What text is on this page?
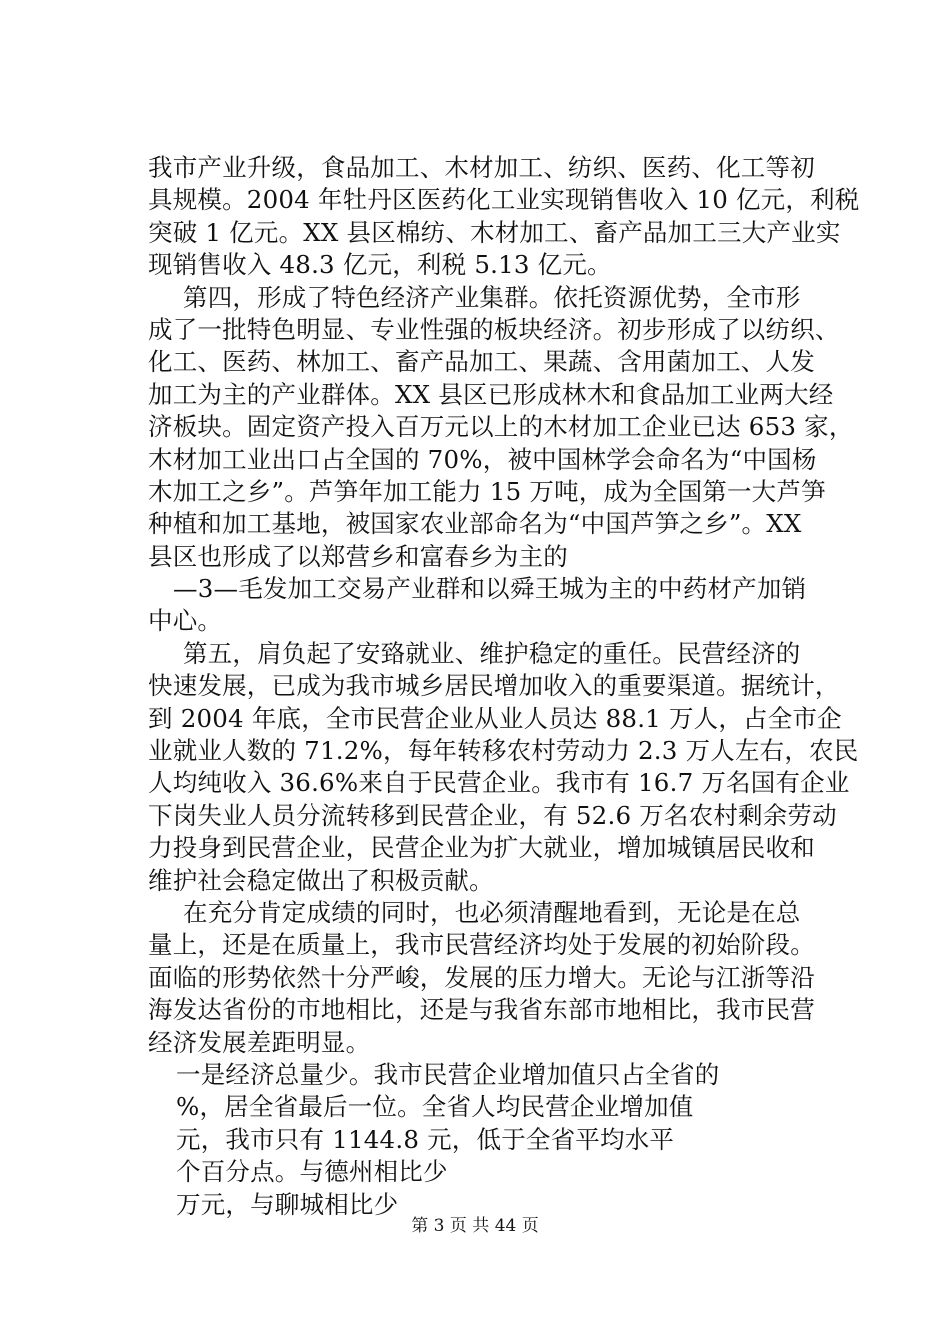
我市产业升级，食品加工、木材加工、纺织、医药、化工等初
具规模。2004 年牡丹区医药化工业实现销售收入 10 亿元，利税
突破 1 亿元。XX 县区棉纺、木材加工、畜产品加工三大产业实
现销售收入 48.3 亿元，利税 5.13 亿元。
第四，形成了特色经济产业集群。依托资源优势，全市形
成了一批特色明显、专业性强的板块经济。初步形成了以纺织、
化工、医药、林加工、畜产品加工、果蔬、含用菌加工、人发
加工为主的产业群体。XX 县区已形成林木和食品加工业两大经
济板块。固定资产投入百万元以上的木材加工企业已达 653 家，
木材加工业出口占全国的 70%，被中国林学会命名为“中国杨
木加工之乡”。芦笋年加工能力 15 万吨，成为全国第一大芦笋
种植和加工基地，被国家农业部命名为“中国芦笋之乡”。XX
县区也形成了以郑营乡和富春乡为主的
—3—毛发加工交易产业群和以舜王城为主的中药材产加销
中心。
第五，肩负起了安臵就业、维护稳定的重任。民营经济的
快速发展，已成为我市城乡居民增加收入的重要渠道。据统计，
到 2004 年底，全市民营企业从业人员达 88.1 万人，占全市企
业就业人数的 71.2%，每年转移农村劳动力 2.3 万人左右，农民
人均纯收入 36.6%来自于民营企业。我市有 16.7 万名国有企业
下岗失业人员分流转移到民营企业，有 52.6 万名农村剩余劳动
力投身到民营企业，民营企业为扩大就业，增加城镇居民收和
维护社会稳定做出了积极贡献。
在充分肯定成绩的同时，也必须清醒地看到，无论是在总
量上，还是在质量上，我市民营经济均处于发展的初始阶段。
面临的形势依然十分严峻，发展的压力增大。无论与江浙等沿
海发达省份的市地相比，还是与我省东部市地相比，我市民营
经济发展差距明显。
一是经济总量少。我市民营企业增加值只占全省的
%，居全省最后一位。全省人均民营企业增加值
元，我市只有 1144.8 元，低于全省平均水平
个百分点。与德州相比少
万元，与聊城相比少
第 3 页 共 44 页
